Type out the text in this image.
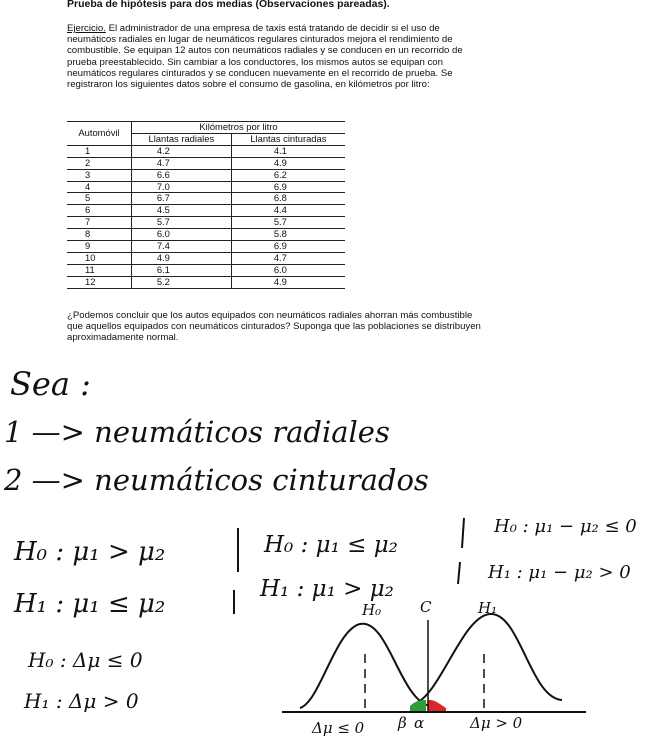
Prueba de hipótesis para dos medias (Observaciones pareadas).
Ejercicio. El administrador de una empresa de taxis está tratando de decidir si el uso de neumáticos radiales en lugar de neumáticos regulares cinturados mejora el rendimiento de combustible. Se equipan 12 autos con neumáticos radiales y se conducen en un recorrido de prueba preestablecido. Sin cambiar a los conductores, los mismos autos se equipan con neumáticos regulares cinturados y se conducen nuevamente en el recorrido de prueba. Se registraron los siguientes datos sobre el consumo de gasolina, en kilómetros por litro:
Automóvil	Kilómetros por litro	
	Llantas radiales	Llantas cinturadas
1	4.2	4.1
2	4.7	4.9
3	6.6	6.2
4	7.0	6.9
5	6.7	6.8
6	4.5	4.4
7	5.7	5.7
8	6.0	5.8
9	7.4	6.9
10	4.9	4.7
11	6.1	6.0
12	5.2	4.9
¿Podemos concluir que los autos equipados con neumáticos radiales ahorran más combustible que aquellos equipados con neumáticos cinturados? Suponga que las poblaciones se distribuyen aproximadamente normal.
Sea :
1 —> neumáticos radiales
2 —> neumáticos cinturados
H₀ : μ₁ > μ₂
H₁ : μ₁ ≤ μ₂
H₀ : μ₁ ≤ μ₂
H₁ : μ₁ > μ₂
H₀ : μ₁ − μ₂ ≤ 0
H₁ : μ₁ − μ₂ > 0
H₀ : Δμ ≤ 0
H₁ : Δμ > 0
H₀	C	H₁
Δμ ≤ 0 β α	Δμ > 0
